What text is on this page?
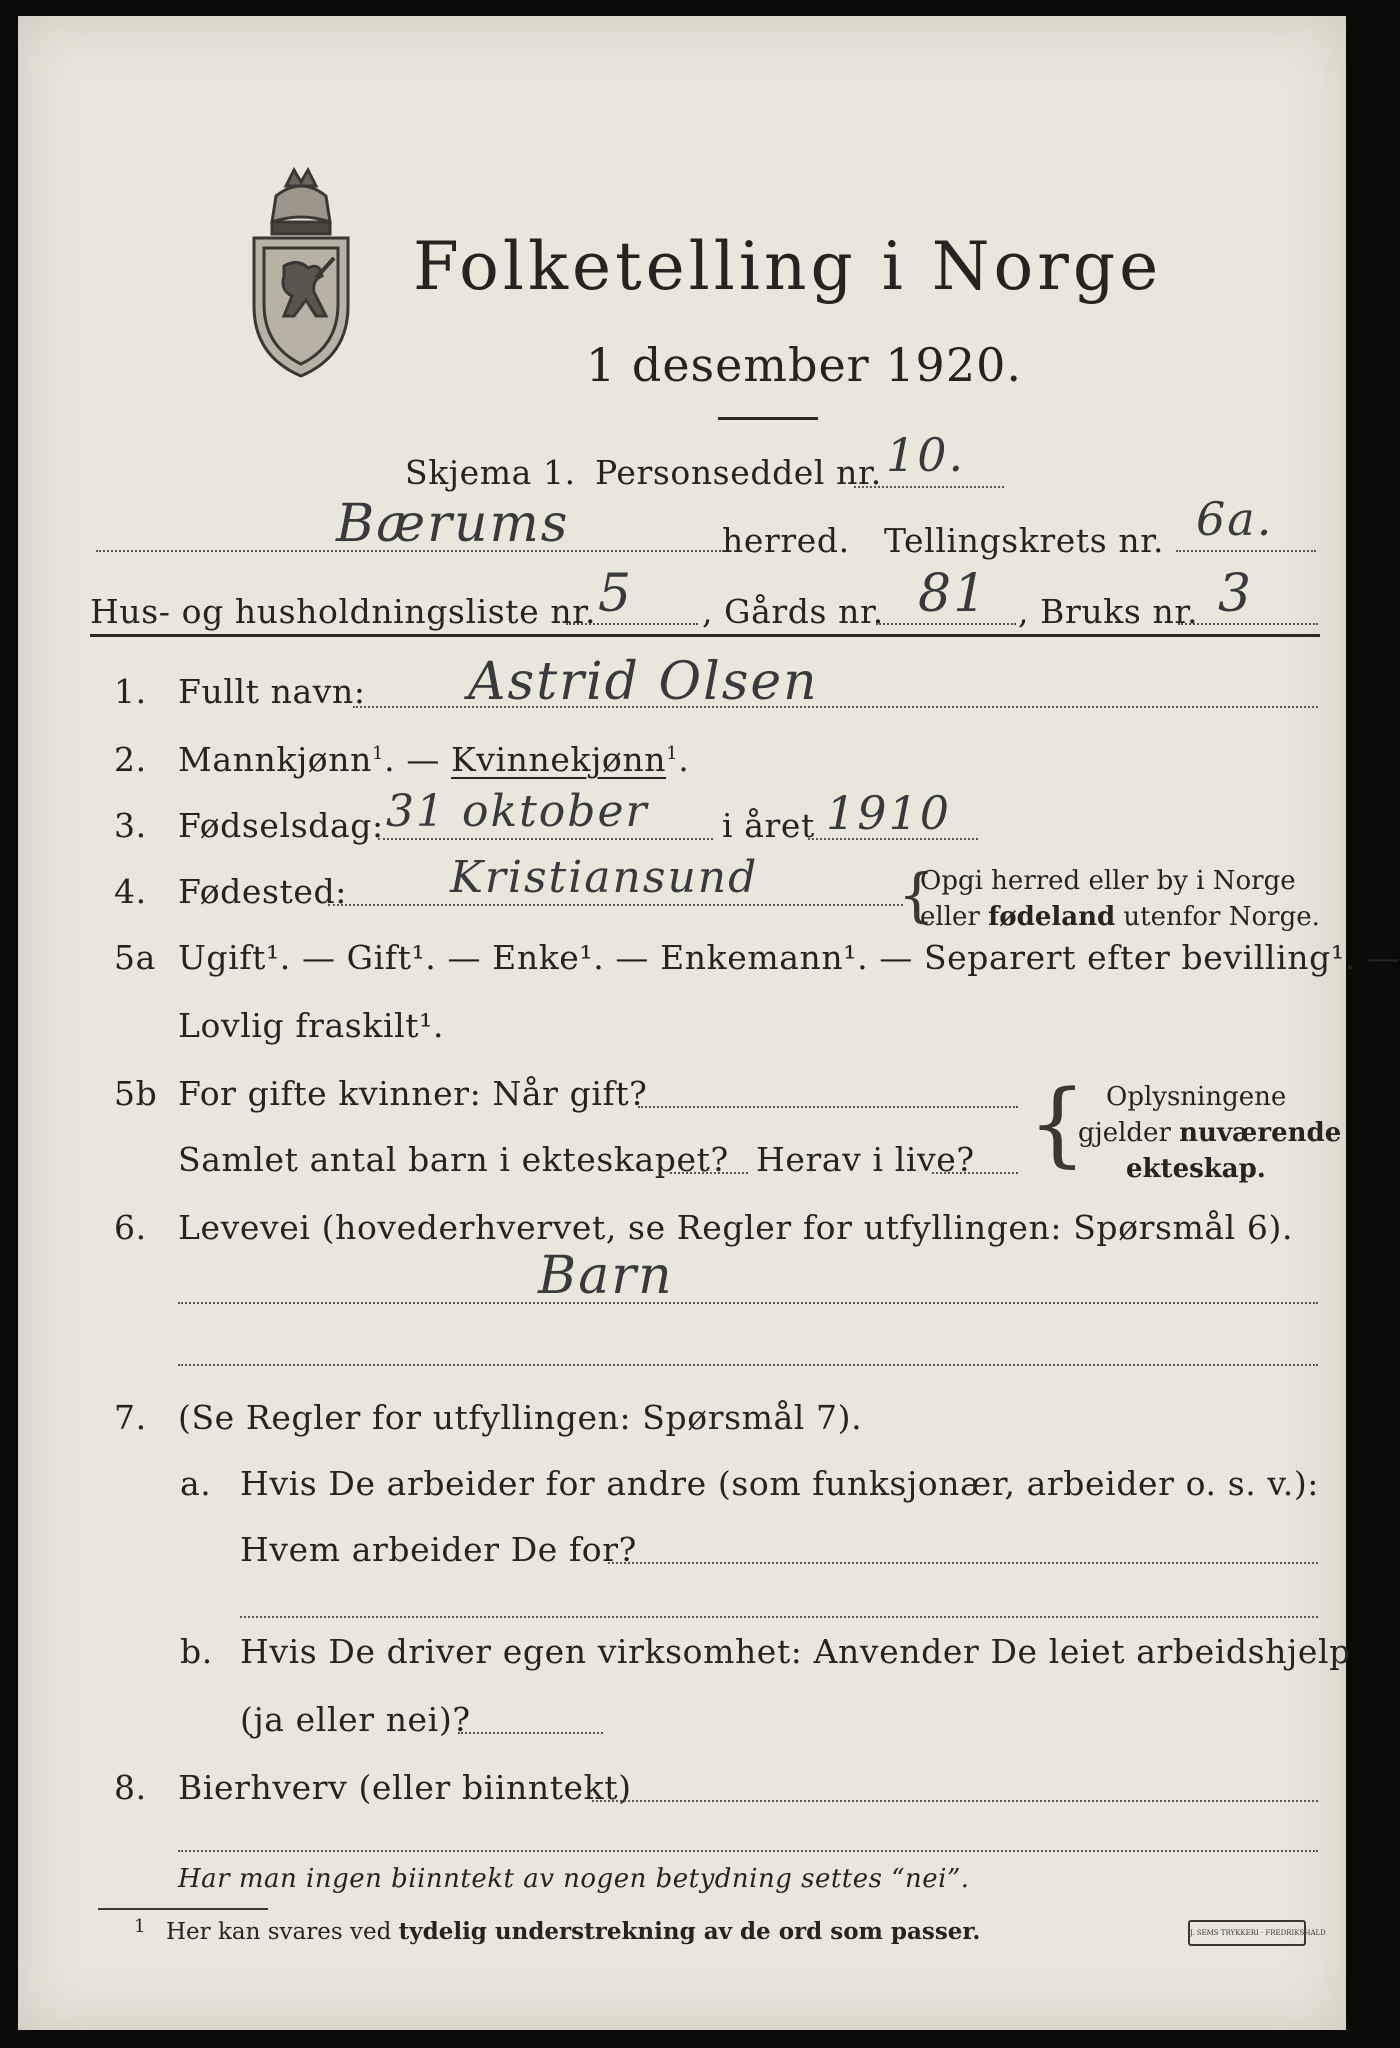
Folketelling i Norge
1 desember 1920.
Skjema 1. Personseddel nr. 10.
Bærums	herred. Tellingskrets nr. 6a.
Hus- og husholdningsliste nr. 5 , Gårds nr. 81 , Bruks nr. 3
1. Fullt navn: Astrid Olsen
2. Mannkjønn$^1$. — Kvinnekjønn$^1$.
3. Fødselsdag: 31 oktober i året 1910
4. Fødested: Kristiansund {
Opgi herred eller by i Norge
eller fødeland utenfor Norge.
5a Ugift¹. — Gift¹. — Enke¹. — Enkemann¹. — Separert efter bevilling¹. —
Lovlig fraskilt¹.
5b For gifte kvinner: Når gift?
Samlet antal barn i ekteskapet? Herav i live? { Oplysningene
gjelder nuværende
ekteskap.
6. Levevei (hovederhvervet, se Regler for utfyllingen: Spørsmål 6).
Barn
7. (Se Regler for utfyllingen: Spørsmål 7).
a. Hvis De arbeider for andre (som funksjonær, arbeider o. s. v.):
Hvem arbeider De for?
b. Hvis De driver egen virksomhet: Anvender De leiet arbeidshjelp
(ja eller nei)?
8. Bierhverv (eller biinntekt)
Har man ingen biinntekt av nogen betydning settes “nei”.
1 Her kan svares ved tydelig understrekning av de ord som passer.	J. SEMS TRYKKERI · FREDRIKSHALD
